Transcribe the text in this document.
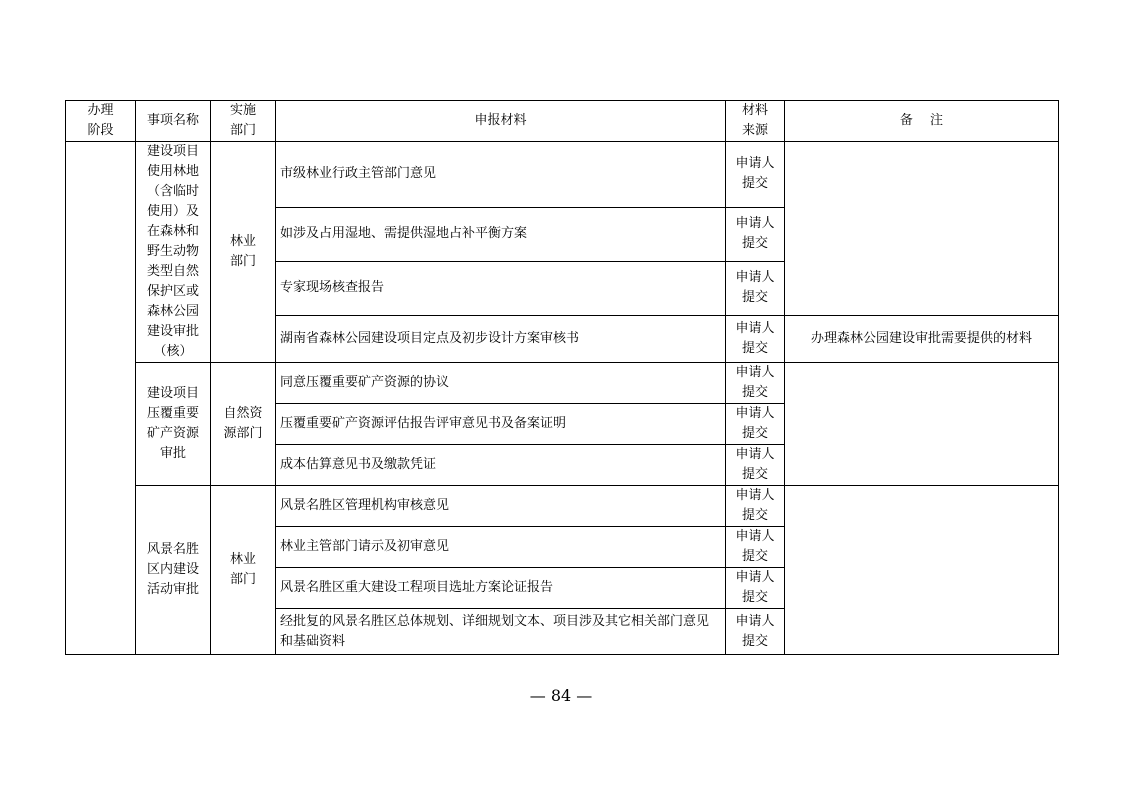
办理
阶段	事项名称	实施
部门	申报材料	材料
来源	备　 注
	建设项目使用林地（含临时使用）及在森林和野生动物类型自然保护区或森林公园建设审批（核）	林业
部门	市级林业行政主管部门意见	申请人
提交	
			如涉及占用湿地、需提供湿地占补平衡方案	申请人
提交	
			专家现场核查报告	申请人
提交	
			湖南省森林公园建设项目定点及初步设计方案审核书	申请人
提交	办理森林公园建设审批需要提供的材料
	建设项目压覆重要矿产资源审批	自然资
源部门	同意压覆重要矿产资源的协议	申请人
提交	
			压覆重要矿产资源评估报告评审意见书及备案证明	申请人
提交	
			成本估算意见书及缴款凭证	申请人
提交	
	风景名胜区内建设活动审批	林业
部门	风景名胜区管理机构审核意见	申请人
提交	
			林业主管部门请示及初审意见	申请人
提交	
			风景名胜区重大建设工程项目选址方案论证报告	申请人
提交	
			经批复的风景名胜区总体规划、详细规划文本、项目涉及其它相关部门意见和基础资料	申请人
提交	
— 84 —
